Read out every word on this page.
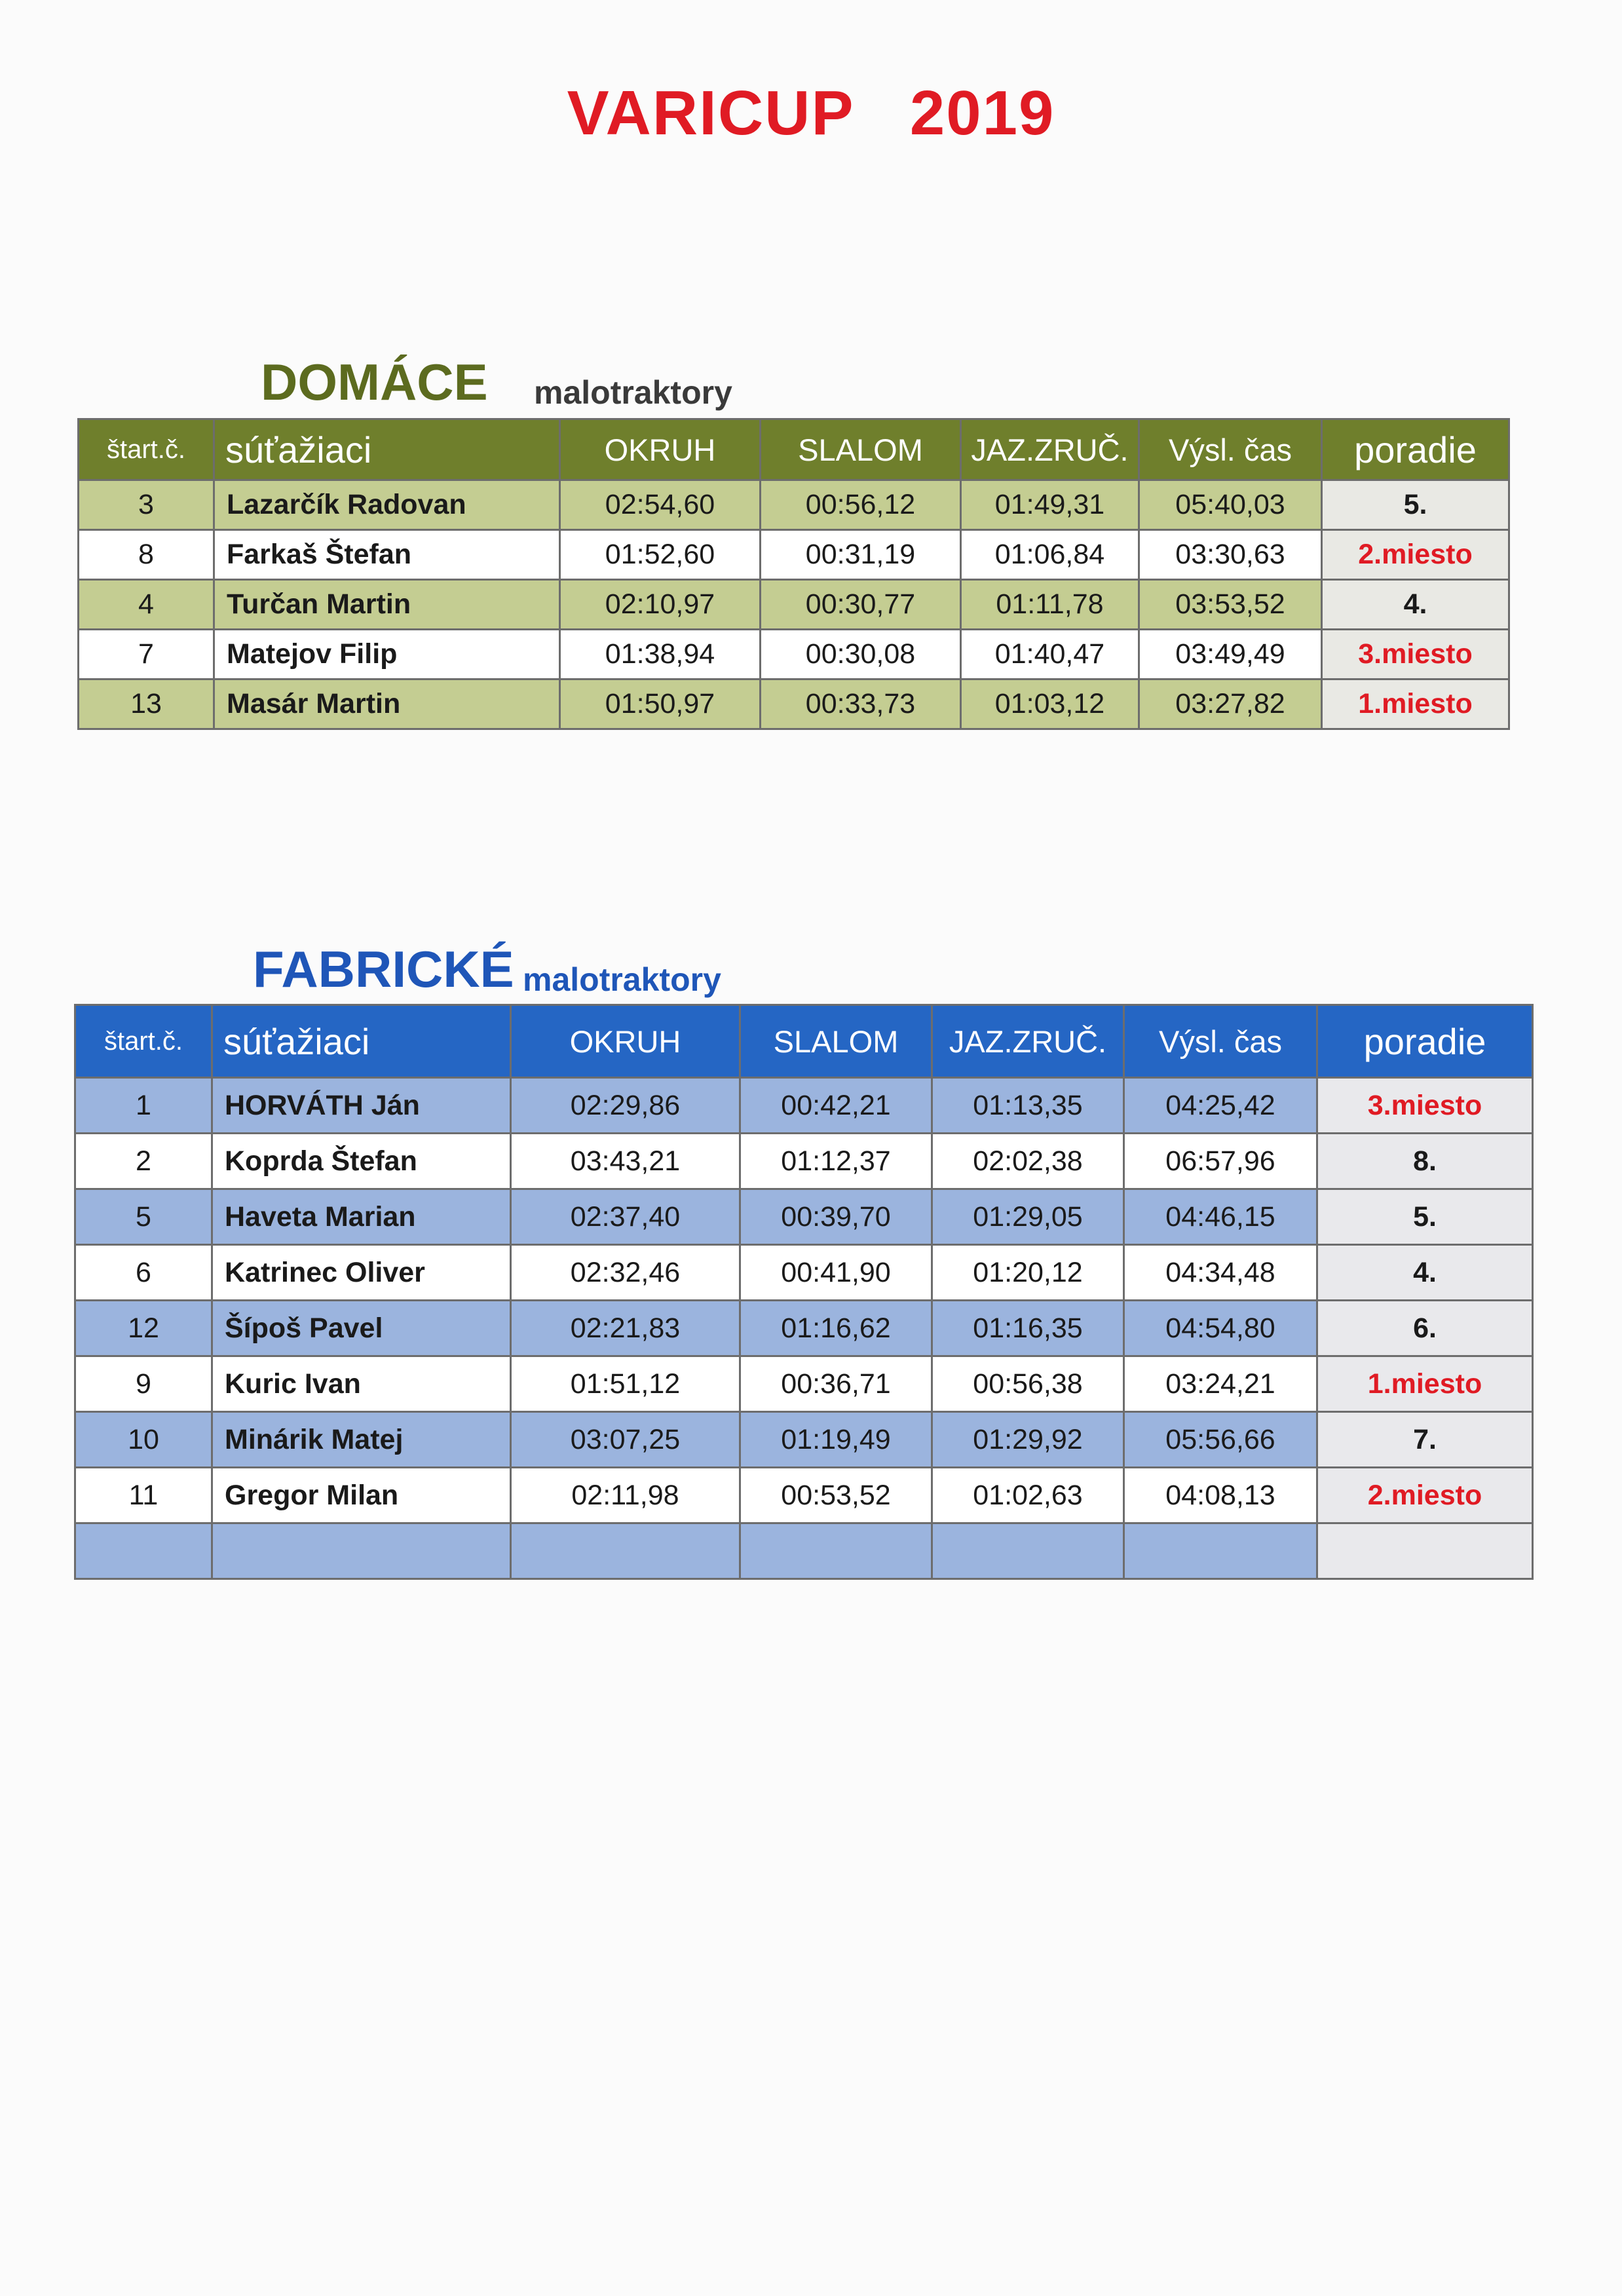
VARICUP   2019
DOMÁCE malotraktory
štart.č.	súťažiaci	OKRUH	SLALOM	JAZ.ZRUČ.	Výsl. čas	poradie
3	Lazarčík Radovan	02:54,60	00:56,12	01:49,31	05:40,03	5.
8	Farkaš Štefan	01:52,60	00:31,19	01:06,84	03:30,63	2.miesto
4	Turčan Martin	02:10,97	00:30,77	01:11,78	03:53,52	4.
7	Matejov Filip	01:38,94	00:30,08	01:40,47	03:49,49	3.miesto
13	Masár Martin	01:50,97	00:33,73	01:03,12	03:27,82	1.miesto
FABRICKÉ malotraktory
štart.č.	súťažiaci	OKRUH	SLALOM	JAZ.ZRUČ.	Výsl. čas	poradie
1	HORVÁTH Ján	02:29,86	00:42,21	01:13,35	04:25,42	3.miesto
2	Koprda Štefan	03:43,21	01:12,37	02:02,38	06:57,96	8.
5	Haveta Marian	02:37,40	00:39,70	01:29,05	04:46,15	5.
6	Katrinec Oliver	02:32,46	00:41,90	01:20,12	04:34,48	4.
12	Šípoš Pavel	02:21,83	01:16,62	01:16,35	04:54,80	6.
9	Kuric Ivan	01:51,12	00:36,71	00:56,38	03:24,21	1.miesto
10	Minárik Matej	03:07,25	01:19,49	01:29,92	05:56,66	7.
11	Gregor Milan	02:11,98	00:53,52	01:02,63	04:08,13	2.miesto
